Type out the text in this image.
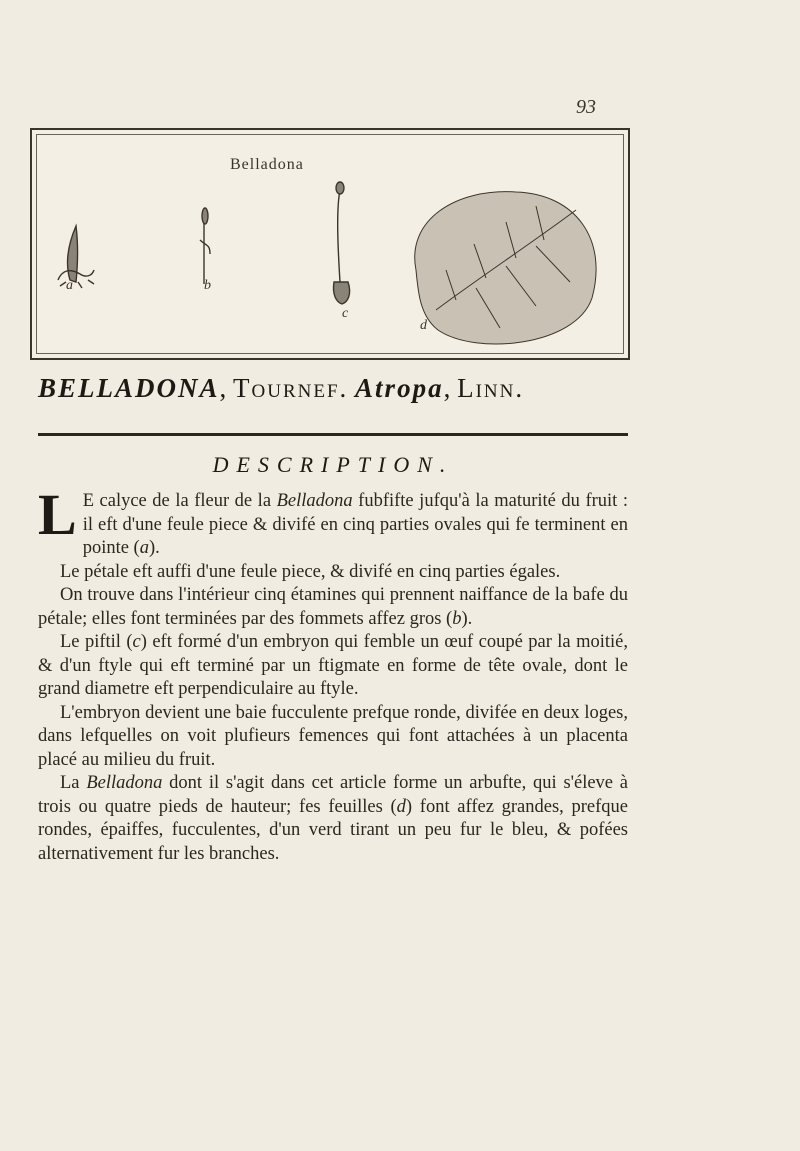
93
Belladona
a	b
c
d
BELLADONA, Tournef. Atropa, Linn.
DESCRIPTION.

L E calyce de la fleur de la Belladona fubfifte jufqu'à la maturité du fruit : il eft d'une feule piece & divifé en cinq parties ovales qui fe terminent en pointe (a).

Le pétale eft auffi d'une feule piece, & divifé en cinq parties égales.

On trouve dans l'intérieur cinq étamines qui prennent naiffance de la bafe du pétale; elles font terminées par des fommets affez gros (b).

Le piftil (c) eft formé d'un embryon qui femble un œuf coupé par la moitié, & d'un ftyle qui eft terminé par un ftigmate en forme de tête ovale, dont le grand diametre eft perpendiculaire au ftyle.

L'embryon devient une baie fucculente prefque ronde, divifée en deux loges, dans lefquelles on voit plufieurs femences qui font attachées à un placenta placé au milieu du fruit.

La Belladona dont il s'agit dans cet article forme un arbufte, qui s'éleve à trois ou quatre pieds de hauteur; fes feuilles (d) font affez grandes, prefque rondes, épaiffes, fucculentes, d'un verd tirant un peu fur le bleu, & pofées alternativement fur les branches.
